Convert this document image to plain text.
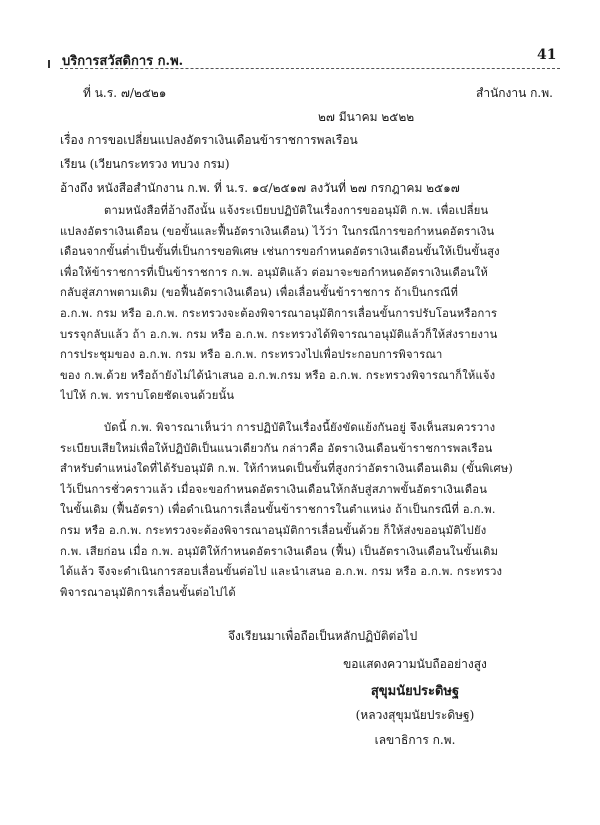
บริการสวัสดิการ ก.พ.	41
ที่ น.ร. ๗/๒๕๒๑	สำนักงาน ก.พ.
๒๗ มีนาคม ๒๕๒๒
เรื่อง การขอเปลี่ยนแปลงอัตราเงินเดือนข้าราชการพลเรือน
เรียน (เวียนกระทรวง ทบวง กรม)
อ้างถึง หนังสือสำนักงาน ก.พ. ที่ น.ร. ๑๔/๒๕๑๗ ลงวันที่ ๒๗ กรกฎาคม ๒๕๑๗
ตามหนังสือที่อ้างถึงนั้น แจ้งระเบียบปฏิบัติในเรื่องการขออนุมัติ ก.พ. เพื่อเปลี่ยน
แปลงอัตราเงินเดือน (ขอขั้นและฟื้นอัตราเงินเดือน) ไว้ว่า ในกรณีการขอกำหนดอัตราเงิน
เดือนจากขั้นต่ำเป็นขั้นที่เป็นการขอพิเศษ เช่นการขอกำหนดอัตราเงินเดือนขั้นให้เป็นขั้นสูง
เพื่อให้ข้าราชการที่เป็นข้าราชการ ก.พ. อนุมัติแล้ว ต่อมาจะขอกำหนดอัตราเงินเดือนให้
กลับสู่สภาพตามเดิม (ขอฟื้นอัตราเงินเดือน) เพื่อเลื่อนขั้นข้าราชการ ถ้าเป็นกรณีที่
อ.ก.พ. กรม หรือ อ.ก.พ. กระทรวงจะต้องพิจารณาอนุมัติการเลื่อนขั้นการปรับโอนหรือการ
บรรจุกลับแล้ว ถ้า อ.ก.พ. กรม หรือ อ.ก.พ. กระทรวงได้พิจารณาอนุมัติแล้วก็ให้ส่งรายงาน
การประชุมของ อ.ก.พ. กรม หรือ อ.ก.พ. กระทรวงไปเพื่อประกอบการพิจารณา
ของ ก.พ.ด้วย หรือถ้ายังไม่ได้นำเสนอ อ.ก.พ.กรม หรือ อ.ก.พ. กระทรวงพิจารณาก็ให้แจ้ง
ไปให้ ก.พ. ทราบโดยชัดเจนด้วยนั้น
บัดนี้ ก.พ. พิจารณาเห็นว่า การปฏิบัติในเรื่องนี้ยังขัดแย้งกันอยู่ จึงเห็นสมควรวาง
ระเบียบเสียใหม่เพื่อให้ปฏิบัติเป็นแนวเดียวกัน กล่าวคือ อัตราเงินเดือนข้าราชการพลเรือน
สำหรับตำแหน่งใดที่ได้รับอนุมัติ ก.พ. ให้กำหนดเป็นขั้นที่สูงกว่าอัตราเงินเดือนเดิม (ขั้นพิเศษ)
ไว้เป็นการชั่วคราวแล้ว เมื่อจะขอกำหนดอัตราเงินเดือนให้กลับสู่สภาพขั้นอัตราเงินเดือน
ในขั้นเดิม (ฟื้นอัตรา) เพื่อดำเนินการเลื่อนขั้นข้าราชการในตำแหน่ง ถ้าเป็นกรณีที่ อ.ก.พ.
กรม หรือ อ.ก.พ. กระทรวงจะต้องพิจารณาอนุมัติการเลื่อนขั้นด้วย ก็ให้ส่งขออนุมัติไปยัง
ก.พ. เสียก่อน เมื่อ ก.พ. อนุมัติให้กำหนดอัตราเงินเดือน (ฟื้น) เป็นอัตราเงินเดือนในขั้นเดิม
ได้แล้ว จึงจะดำเนินการสอบเลื่อนขั้นต่อไป และนำเสนอ อ.ก.พ. กรม หรือ อ.ก.พ. กระทรวง
พิจารณาอนุมัติการเลื่อนขั้นต่อไปได้
จึงเรียนมาเพื่อถือเป็นหลักปฏิบัติต่อไป
ขอแสดงความนับถืออย่างสูง
สุขุมนัยประดิษฐ
(หลวงสุขุมนัยประดิษฐ)
เลขาธิการ ก.พ.
